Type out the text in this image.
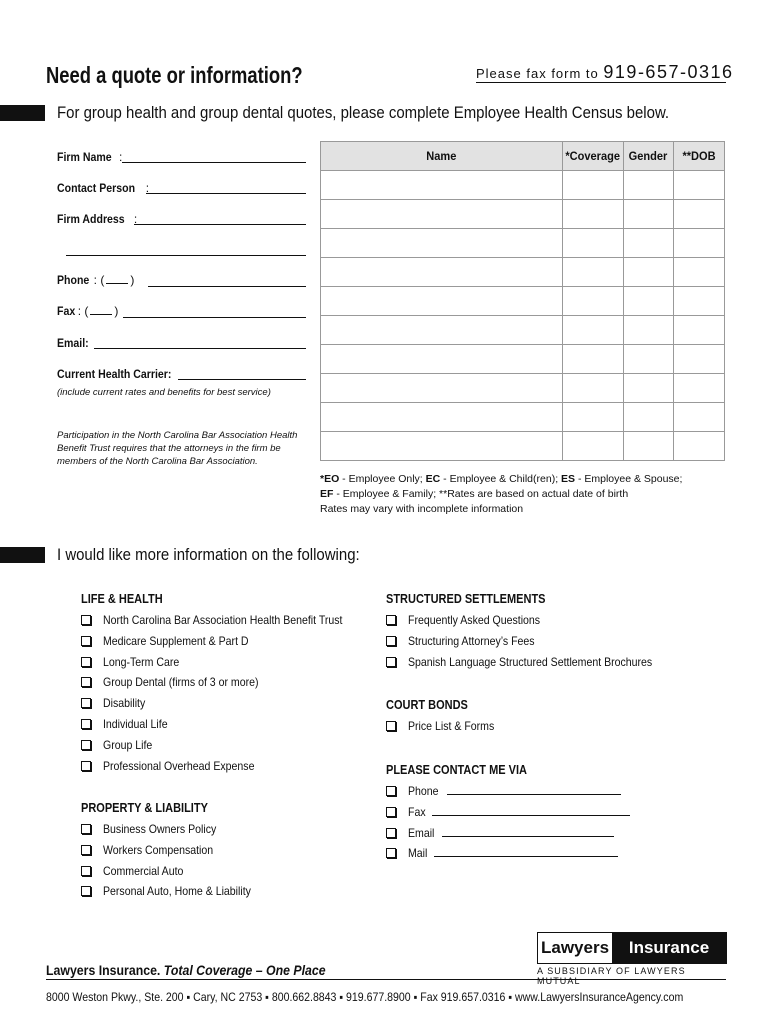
Need a quote or information?	Please fax form to 919-657-0316
For group health and group dental quotes, please complete Employee Health Census below.
Firm Name :
Contact Person :
Firm Address :
Phone : ( )
Fax : ( )
Email:
Current Health Carrier:
(include current rates and benefits for best service)
Participation in the North Carolina Bar Association Health Benefit Trust requires that the attorneys in the firm be members of the North Carolina Bar Association.
Name	*Coverage	Gender	**DOB

*EO - Employee Only; EC - Employee & Child(ren); ES - Employee & Spouse;
EF - Employee & Family; **Rates are based on actual date of birth
Rates may vary with incomplete information
I would like more information on the following:
LIFE & HEALTH
North Carolina Bar Association Health Benefit Trust
Medicare Supplement & Part D
Long-Term Care
Group Dental (firms of 3 or more)
Disability
Individual Life
Group Life
Professional Overhead Expense
PROPERTY & LIABILITY
Business Owners Policy
Workers Compensation
Commercial Auto
Personal Auto, Home & Liability
STRUCTURED SETTLEMENTS
Frequently Asked Questions
Structuring Attorney’s Fees
Spanish Language Structured Settlement Brochures
COURT BONDS
Price List & Forms
PLEASE CONTACT ME VIA
Phone
Fax
Email
Mail
Lawyers Insurance. Total Coverage – One Place
Lawyers	Insurance
A SUBSIDIARY OF LAWYERS MUTUAL
8000 Weston Pkwy., Ste. 200 ▪ Cary, NC 2753 ▪ 800.662.8843 ▪ 919.677.8900 ▪ Fax 919.657.0316 ▪ www.LawyersInsuranceAgency.com
